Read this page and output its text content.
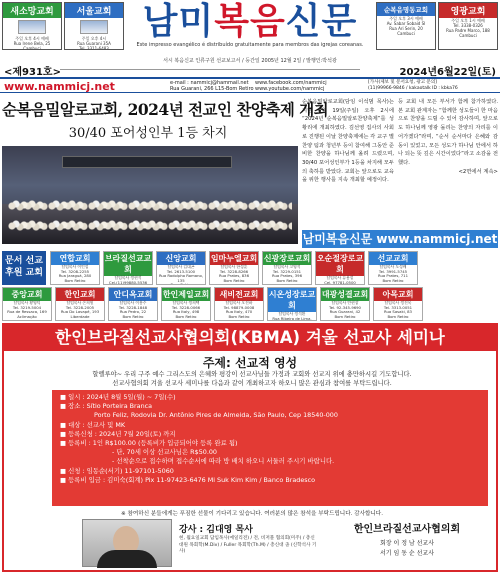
새소망교회
주일 오후 4시 예배
Rua Irene Bela, 25
Cambuci
서울교회
주일 오후 4시
Rua Guarani 35A
Tel. 3311-6483
남미복음신문
Este impresso evangélico é distribuído gratuitamente para membros das igrejas coreanas.
서시 복음신교 인류구원 선교보고서 / 등간일 2005년 12월 2일 / 발행인:박석광
순복음명동교회
주일 오후 3시 예배
Av. Sabar Sobaid SI
Rua Ari Serin, 20
Cambuci
영광교회
주일 오후 1시 예배
Tel. 3338-0326
Rua Padre Marco, 188
Cambuci
<제931호>	2024년6월22일(토)
www.nammicj.net	e-mail : nammicj@hammail.net
Rua Guarani, 266 L15-Bom Retiro
www.facebook.com/nammicj
www.youtube.com/nammicj
[가사(제보 및 문서요청, 광고 문의]
(11)99966-9846 / kakaotalk ID : kbka76
순복음밀알로교회, 2024년 전교인 찬양축제 개최
30/40 포어성인부 1등 차지
순복음밀알로교회(담임 이석범 목사)는 지난 5월 19일(주일) 오후 2시에 “2024년 순복음밀알로찬양축제”를 성황리에 개최하였다. 김선영 집사의 사회로 진행된 이날 찬양축제에는 각 교구 별 찬양 팀과 청년부 등이 참여해 그동안 준비한 찬양을 하나님께 올려 드렸으며, 30/40 포어성인부가 1등을 차지해 모두의 축하를 받았다. 교회는 앞으로도 교육을 위한 행사를 지속 개최할 예정이다.
등 교회 내 모든 부서가 함께 참가하였다. 본 교회 관계자는 “함께한 성도들이 한 마음으로 찬양을 드릴 수 있어 감사하며, 앞으로도 하나님께 영광 돌리는 찬양의 자리를 이어가겠다”라며, “순서 순서마다 은혜와 감동이 있었고, 모든 성도가 하나님 안에서 하나 되는 뜻 깊은 시간이었다”라고 소감을 전했다.
<2면에서 계속>
남미복음신문 www.nammicj.net
문서 선교
후원 교회
연합교회
담임목사 이인섭
Tel. 3208-2255
Rua Jaraguá, 280
Bom Retiro
브라질선교교회
담임목사 정현석
Cel.(11)99880-5536
신앙교회
담임목사 김대곤
Tel. 2613-5100
Rua Rodolpho Romano, 135
Bom Retiro
임마누엘교회
담임목사 한성훈
Tel. 3228-8266
Rua Prates, 836
Bom Retiro
신광장로교회
담임목사 고영석
Tel. 3229-0151
Rua Prates, 396
Bom Retiro
오순절장로교회
담임목사 류용설
Cel. 97781-0500
선교교회
담임목사 도성배
Tel. 3991-5745
Rua Prates, 711
Bom Retiro
중앙교회
담임목사 황영덕
Tel. 3219-5004
Rua de Ressaca, 169
Aclimação
한인교회
담임목사 손희원
Tel. 3228-2005
Rua Do Lavapé, 193
Liberdade
안디옥교회
담임목사 이흥주
Tel. 3228-1848
Rua Pedro, 22
Bom Retiro
한인제일교회
담임목사 정희택
Tel. 3228-0066
Rua Italy, 498
Bom Retiro
새비전교회
담임목사 오진하
Tel. 98879-0008
Rua Italy, 470
Bom Retiro
시온성장로교회
담임목사 정석환
Rua Ribeiro de Lima,
대광성결교회
담임목사 안현창
Tel. 92-345-9690
Rua Guarani, 42
Bom Retiro
아목교회
담임목사 정진욱
Tel. 3313-0051
Rua Sasaki, 83
Bom Retiro
한인브라질선교사협의회(KBMA) 겨울 선교사 세미나
주제: 선교적 영성
할렐루야~ 우리 구주 예수 그리스도의 은혜와 평강이 선교사님들 가정과 교회와 선교지 위에 충만하시길 기도합니다.
선교사협의회 겨울 선교사 세미나를 다음과 같이 개최하고자 하오니 많은 관심과 참여를 부탁드립니다.
■ 일시 : 2024년 8월 5일(월) ~ 7일(수)
■ 장소 : Sítio Porteira Branca
Porto Feliz, Rodovia Dr. Antônio Pires de Almeida, São Paulo, Cep 18540-000
■ 대상 : 선교사 및 MK
■ 등록신청 : 2024년 7월 20일(토) 까지
■ 등록비 : 1인 R$100.00 (등록비가 입금되어야 등록 완료 됨)
- 단, 70세 이상 선교사님은 R$50.00
- 선착순으로 접수하며 접수순서에 따라 방 배치 하오니 서둘러 주시기 바랍니다.
■ 신청 : 임동순(서기) 11-97101-5060
■ 등록비 입금 : 김미숙(회계) Pix 11-97423-6476 Mi Suk Kim Kim / Banco Bradesco
※ 참여하신 분들에게는 푸짐한 선물이 기다리고 있습니다. 여러분의 많은 참석을 부탁드립니다. 감사합니다.
강사 : 김대영 목사
현, 월요일교회 담임목사(예일리전) / 전, 비저블 협의회(미주) / 총신대원 목회학(M.Div) / Fuller 목회학(Th.M) / 총신대 졸 (신학석사 기사)
한인브라질선교사협의회
회장 이 정 남 선교사
서기 임 동 순 선교사
